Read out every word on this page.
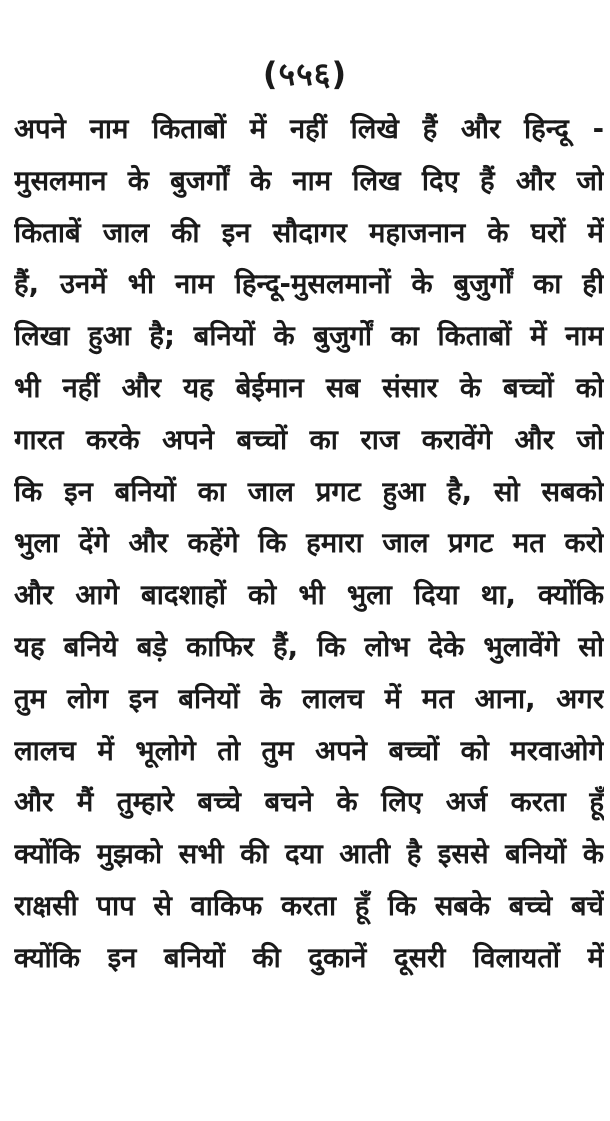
(५५६)
अपने नाम किताबों में नहीं लिखे हैं और हिन्दू -
मुसलमान के बुजर्गों के नाम लिख दिए हैं और जो
किताबें जाल की इन सौदागर महाजनान के घरों में
हैं, उनमें भी नाम हिन्दू-मुसलमानों के बुजुर्गों का ही
लिखा हुआ है; बनियों के बुजुर्गों का किताबों में नाम
भी नहीं और यह बेईमान सब संसार के बच्चों को
गारत करके अपने बच्चों का राज करावेंगे और जो
कि इन बनियों का जाल प्रगट हुआ है, सो सबको
भुला देंगे और कहेंगे कि हमारा जाल प्रगट मत करो
और आगे बादशाहों को भी भुला दिया था, क्योंकि
यह बनिये बड़े काफिर हैं, कि लोभ देके भुलावेंगे सो
तुम लोग इन बनियों के लालच में मत आना, अगर
लालच में भूलोगे तो तुम अपने बच्चों को मरवाओगे
और मैं तुम्हारे बच्चे बचने के लिए अर्ज करता हूँ
क्योंकि मुझको सभी की दया आती है इससे बनियों के
राक्षसी पाप से वाकिफ करता हूँ कि सबके बच्चे बचें
क्योंकि इन बनियों की दुकानें दूसरी विलायतों में
